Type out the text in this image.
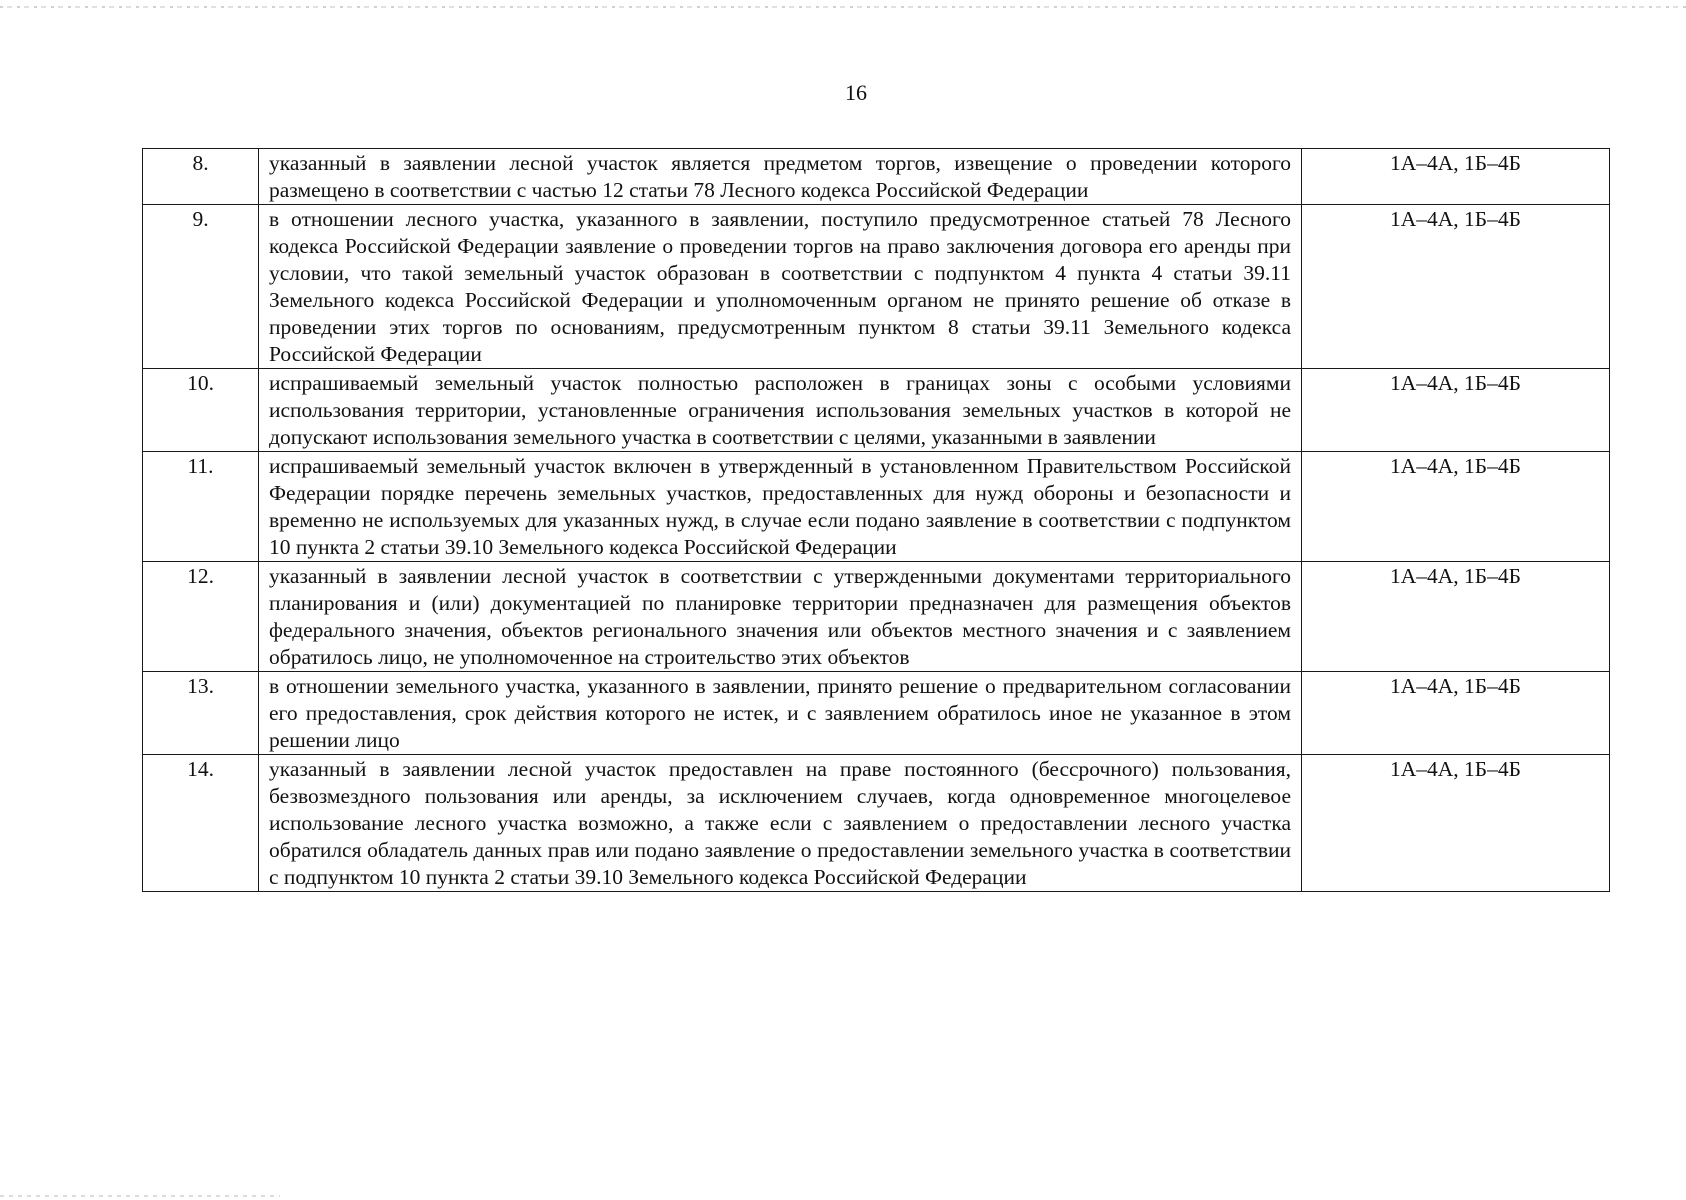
16
8.	указанный в заявлении лесной участок является предметом торгов, извещение о проведении которого размещено в соответствии с частью 12 статьи 78 Лесного кодекса Российской Федерации	1А–4А, 1Б–4Б
9.	в отношении лесного участка, указанного в заявлении, поступило предусмотренное статьей 78 Лесного кодекса Российской Федерации заявление о проведении торгов на право заключения договора его аренды при условии, что такой земельный участок образован в соответствии с подпунктом 4 пункта 4 статьи 39.11 Земельного кодекса Российской Федерации и уполномоченным органом не принято решение об отказе в проведении этих торгов по основаниям, предусмотренным пунктом 8 статьи 39.11 Земельного кодекса Российской Федерации	1А–4А, 1Б–4Б
10.	испрашиваемый земельный участок полностью расположен в границах зоны с особыми условиями использования территории, установленные ограничения использования земельных участков в которой не допускают использования земельного участка в соответствии с целями, указанными в заявлении	1А–4А, 1Б–4Б
11.	испрашиваемый земельный участок включен в утвержденный в установленном Правительством Российской Федерации порядке перечень земельных участков, предоставленных для нужд обороны и безопасности и временно не используемых для указанных нужд, в случае если подано заявление в соответствии с подпунктом 10 пункта 2 статьи 39.10 Земельного кодекса Российской Федерации	1А–4А, 1Б–4Б
12.	указанный в заявлении лесной участок в соответствии с утвержденными документами территориального планирования и (или) документацией по планировке территории предназначен для размещения объектов федерального значения, объектов регионального значения или объектов местного значения и с заявлением обратилось лицо, не уполномоченное на строительство этих объектов	1А–4А, 1Б–4Б
13.	в отношении земельного участка, указанного в заявлении, принято решение о предварительном согласовании его предоставления, срок действия которого не истек, и с заявлением обратилось иное не указанное в этом решении лицо	1А–4А, 1Б–4Б
14.	указанный в заявлении лесной участок предоставлен на праве постоянного (бессрочного) пользования, безвозмездного пользования или аренды, за исключением случаев, когда одновременное многоцелевое использование лесного участка возможно, а также если с заявлением о предоставлении лесного участка обратился обладатель данных прав или подано заявление о предоставлении земельного участка в соответствии с подпунктом 10 пункта 2 статьи 39.10 Земельного кодекса Российской Федерации	1А–4А, 1Б–4Б
